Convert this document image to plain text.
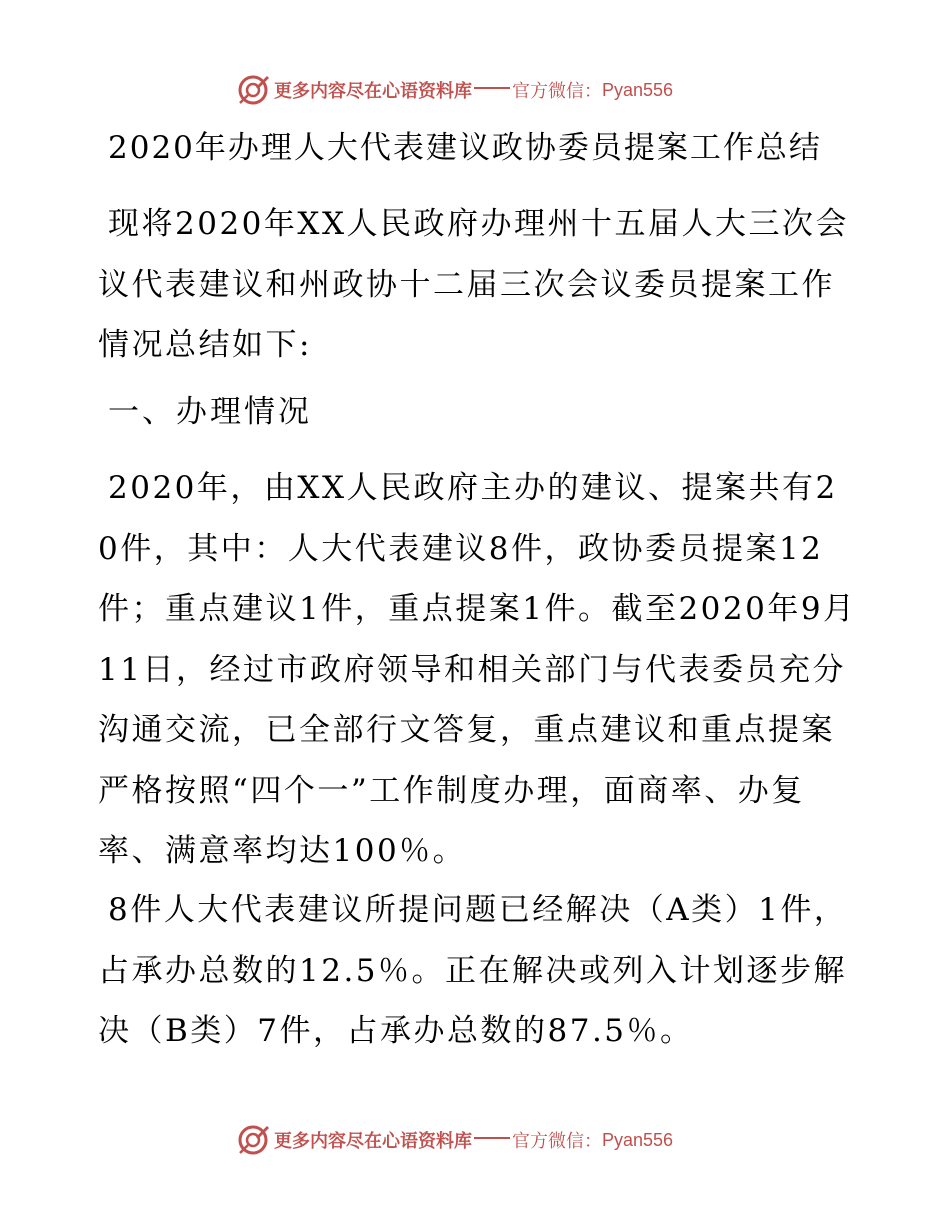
更多内容尽在心语资料库 官方微信： Pyan556
2020年办理人大代表建议政协委员提案工作总结

现将2020年XX人民政府办理州十五届人大三次会议代表建议和州政协十二届三次会议委员提案工作情况总结如下:

一、办理情况

2020年，由XX人民政府主办的建议、提案共有20件，其中：人大代表建议8件，政协委员提案12件；重点建议1件，重点提案1件。截至2020年9月11日，经过市政府领导和相关部门与代表委员充分沟通交流，已全部行文答复，重点建议和重点提案严格按照“四个一”工作制度办理，面商率、办复率、满意率均达100％。

8件人大代表建议所提问题已经解决（A类）1件，占承办总数的12.5％。正在解决或列入计划逐步解决（B类）7件，占承办总数的87.5％。

更多内容尽在心语资料库 官方微信： Pyan556
